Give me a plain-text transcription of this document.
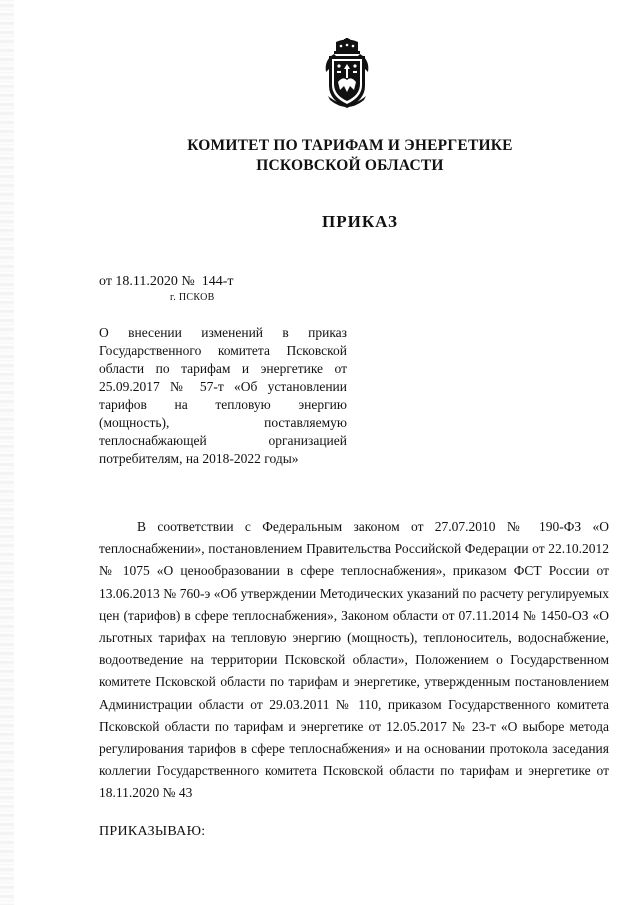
КОМИТЕТ ПО ТАРИФАМ И ЭНЕРГЕТИКЕ
ПСКОВСКОЙ ОБЛАСТИ
ПРИКАЗ
от 18.11.2020 №  144-т
г. ПСКОВ
О внесении изменений в приказ Государственного комитета Псковской области по тарифам и энергетике от 25.09.2017 № 57-т «Об установлении тарифов на тепловую энергию (мощность), поставляемую теплоснабжающей организацией потребителям, на 2018-2022 годы»

В соответствии с Федеральным законом от 27.07.2010 № 190-ФЗ «О теплоснабжении», постановлением Правительства Российской Федерации от 22.10.2012 № 1075 «О ценообразовании в сфере теплоснабжения», приказом ФСТ России от 13.06.2013 № 760-э «Об утверждении Методических указаний по расчету регулируемых цен (тарифов) в сфере теплоснабжения», Законом области от 07.11.2014 № 1450-ОЗ «О льготных тарифах на тепловую энергию (мощность), теплоноситель, водоснабжение, водоотведение на территории Псковской области», Положением о Государственном комитете Псковской области по тарифам и энергетике, утвержденным постановлением Администрации области от 29.03.2011 № 110, приказом Государственного комитета Псковской области по тарифам и энергетике от 12.05.2017 № 23-т «О выборе метода регулирования тарифов в сфере теплоснабжения» и на основании протокола заседания коллегии Государственного комитета Псковской области по тарифам и энергетике от 18.11.2020 № 43

ПРИКАЗЫВАЮ:
